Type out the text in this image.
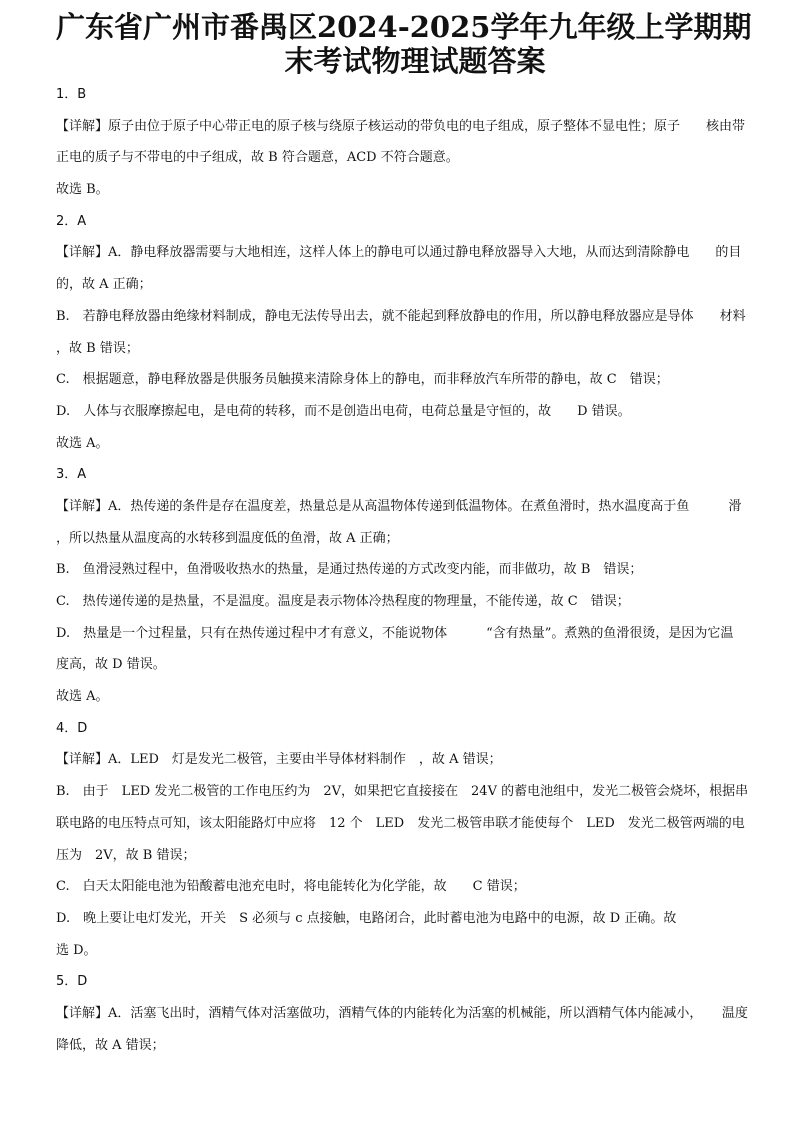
广东省广州市番禺区2024-2025学年九年级上学期期
末考试物理试题答案
1．B
【详解】原子由位于原子中心带正电的原子核与绕原子核运动的带负电的电子组成，原子整体不显电性；原子　　核由带
正电的质子与不带电的中子组成，故 B 符合题意，ACD 不符合题意。
故选 B。
2．A
【详解】A．静电释放器需要与大地相连，这样人体上的静电可以通过静电释放器导入大地，从而达到清除静电　　的目
的，故 A 正确；
B.　若静电释放器由绝缘材料制成，静电无法传导出去，就不能起到释放静电的作用，所以静电释放器应是导体　　材料
，故 B 错误；
C.　根据题意，静电释放器是供服务员触摸来清除身体上的静电，而非释放汽车所带的静电，故 C　错误；
D.　人体与衣服摩擦起电，是电荷的转移，而不是创造出电荷，电荷总量是守恒的，故　　D 错误。
故选 A。
3．A
【详解】A．热传递的条件是存在温度差，热量总是从高温物体传递到低温物体。在煮鱼滑时，热水温度高于鱼　　　滑
，所以热量从温度高的水转移到温度低的鱼滑，故 A 正确；
B.　鱼滑浸熟过程中，鱼滑吸收热水的热量，是通过热传递的方式改变内能，而非做功，故 B　错误；
C.　热传递传递的是热量，不是温度。温度是表示物体冷热程度的物理量，不能传递，故 C　错误；
D.　热量是一个过程量，只有在热传递过程中才有意义，不能说物体　　　“含有热量”。煮熟的鱼滑很烫，是因为它温
度高，故 D 错误。
故选 A。
4．D
【详解】A．LED　灯是发光二极管，主要由半导体材料制作　，故 A 错误；
B.　由于　LED 发光二极管的工作电压约为　2V，如果把它直接接在　24V 的蓄电池组中，发光二极管会烧坏，根据串
联电路的电压特点可知，该太阳能路灯中应将　12 个　LED　发光二极管串联才能使每个　LED　发光二极管两端的电
压为　2V，故 B 错误；
C.　白天太阳能电池为铅酸蓄电池充电时，将电能转化为化学能，故　　C 错误；
D.　晚上要让电灯发光，开关　S 必须与 c 点接触，电路闭合，此时蓄电池为电路中的电源，故 D 正确。故
选 D。
5．D
【详解】A．活塞飞出时，酒精气体对活塞做功，酒精气体的内能转化为活塞的机械能，所以酒精气体内能减小，　　温度
降低，故 A 错误；
